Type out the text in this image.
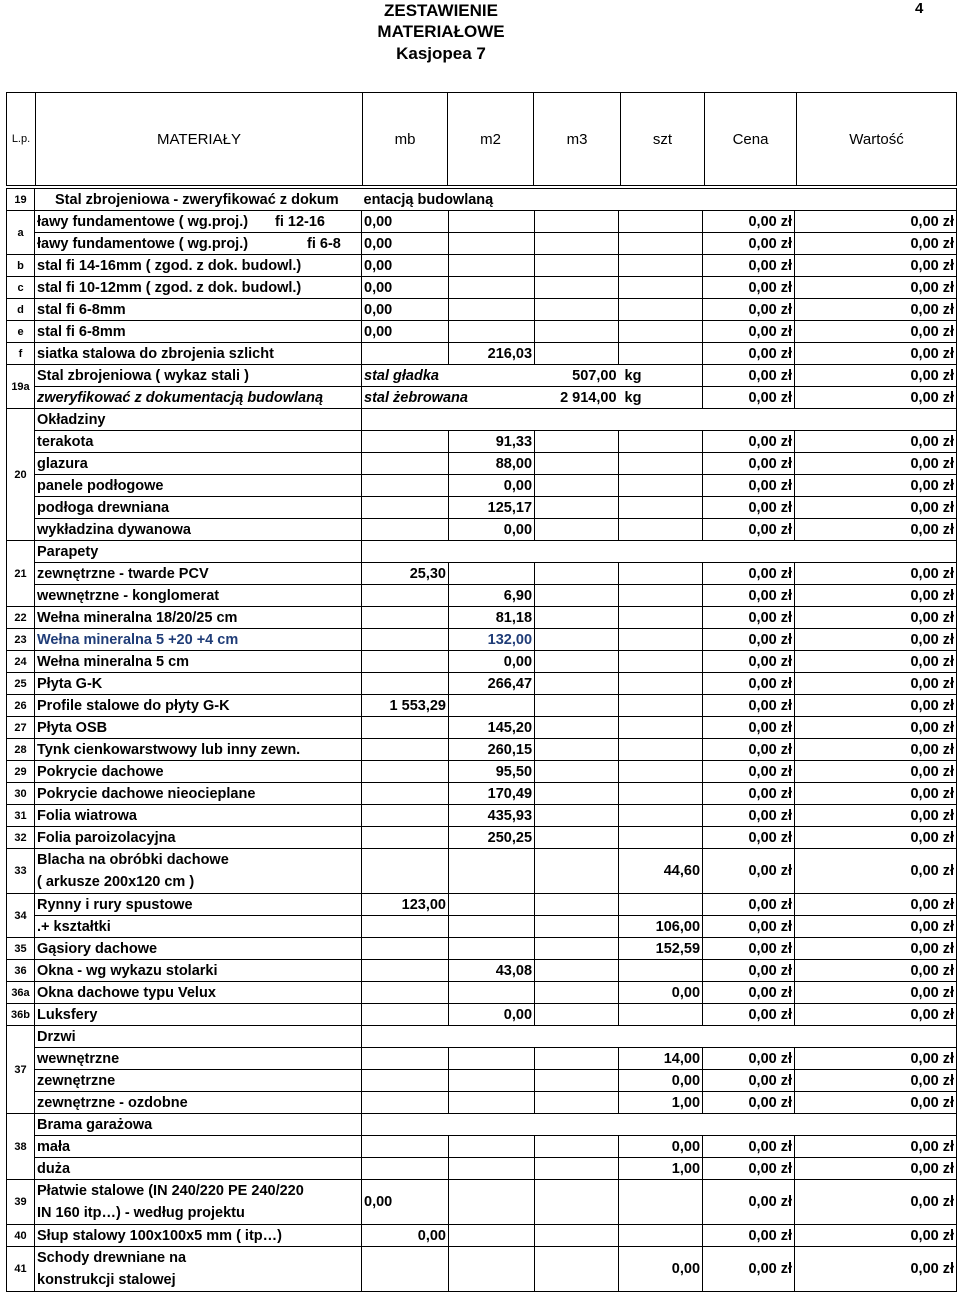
ZESTAWIENIE
MATERIAŁOWE
Kasjopea 7
4
L.p.	MATERIAŁY	mb	m2	m3	szt	Cena	Wartość
19	Stal zbrojeniowa - zweryfikować z dokum	entacją budowlaną					
a	ławy fundamentowe ( wg.proj.) fi 12-16	0,00				0,00 zł	0,00 zł
	ławy fundamentowe ( wg.proj.) fi 6-8	0,00				0,00 zł	0,00 zł
b	stal fi 14-16mm ( zgod. z dok. budowl.)	0,00				0,00 zł	0,00 zł
c	stal fi 10-12mm ( zgod. z dok. budowl.)	0,00				0,00 zł	0,00 zł
d	stal fi 6-8mm	0,00				0,00 zł	0,00 zł
e	stal fi 6-8mm	0,00				0,00 zł	0,00 zł
f	siatka stalowa do zbrojenia szlicht		216,03			0,00 zł	0,00 zł
19a	Stal zbrojeniowa ( wykaz stali )	stal gładka		507,00	kg	0,00 zł	0,00 zł
	zweryfikować z dokumentacją budowlaną	stal żebrowana		2 914,00	kg	0,00 zł	0,00 zł
20	Okładziny						
	terakota		91,33			0,00 zł	0,00 zł
	glazura		88,00			0,00 zł	0,00 zł
	panele podłogowe		0,00			0,00 zł	0,00 zł
	podłoga drewniana		125,17			0,00 zł	0,00 zł
	wykładzina dywanowa		0,00			0,00 zł	0,00 zł
21	Parapety						
	zewnętrzne - twarde PCV	25,30				0,00 zł	0,00 zł
	wewnętrzne - konglomerat		6,90			0,00 zł	0,00 zł
22	Wełna mineralna 18/20/25 cm		81,18			0,00 zł	0,00 zł
23	Wełna mineralna 5 +20 +4 cm		132,00			0,00 zł	0,00 zł
24	Wełna mineralna 5 cm		0,00			0,00 zł	0,00 zł
25	Płyta G-K		266,47			0,00 zł	0,00 zł
26	Profile stalowe do płyty G-K	1 553,29				0,00 zł	0,00 zł
27	Płyta OSB		145,20			0,00 zł	0,00 zł
28	Tynk cienkowarstwowy lub inny zewn.		260,15			0,00 zł	0,00 zł
29	Pokrycie dachowe		95,50			0,00 zł	0,00 zł
30	Pokrycie dachowe nieocieplane		170,49			0,00 zł	0,00 zł
31	Folia wiatrowa		435,93			0,00 zł	0,00 zł
32	Folia paroizolacyjna		250,25			0,00 zł	0,00 zł
33	Blacha na obróbki dachowe
( arkusze 200x120 cm )				44,60	0,00 zł	0,00 zł
34	Rynny i rury spustowe	123,00				0,00 zł	0,00 zł
	.+ kształtki				106,00	0,00 zł	0,00 zł
35	Gąsiory dachowe				152,59	0,00 zł	0,00 zł
36	Okna - wg wykazu stolarki		43,08			0,00 zł	0,00 zł
36a	Okna dachowe typu Velux				0,00	0,00 zł	0,00 zł
36b	Luksfery		0,00			0,00 zł	0,00 zł
37	Drzwi						
	wewnętrzne				14,00	0,00 zł	0,00 zł
	zewnętrzne				0,00	0,00 zł	0,00 zł
	zewnętrzne - ozdobne				1,00	0,00 zł	0,00 zł
38	Brama garażowa						
	mała				0,00	0,00 zł	0,00 zł
	duża				1,00	0,00 zł	0,00 zł
39	Płatwie stalowe (IN 240/220 PE 240/220
IN 160 itp…) - według projektu	0,00				0,00 zł	0,00 zł
40	Słup stalowy 100x100x5 mm ( itp…)	0,00				0,00 zł	0,00 zł
41	Schody drewniane na
konstrukcji stalowej				0,00	0,00 zł	0,00 zł
